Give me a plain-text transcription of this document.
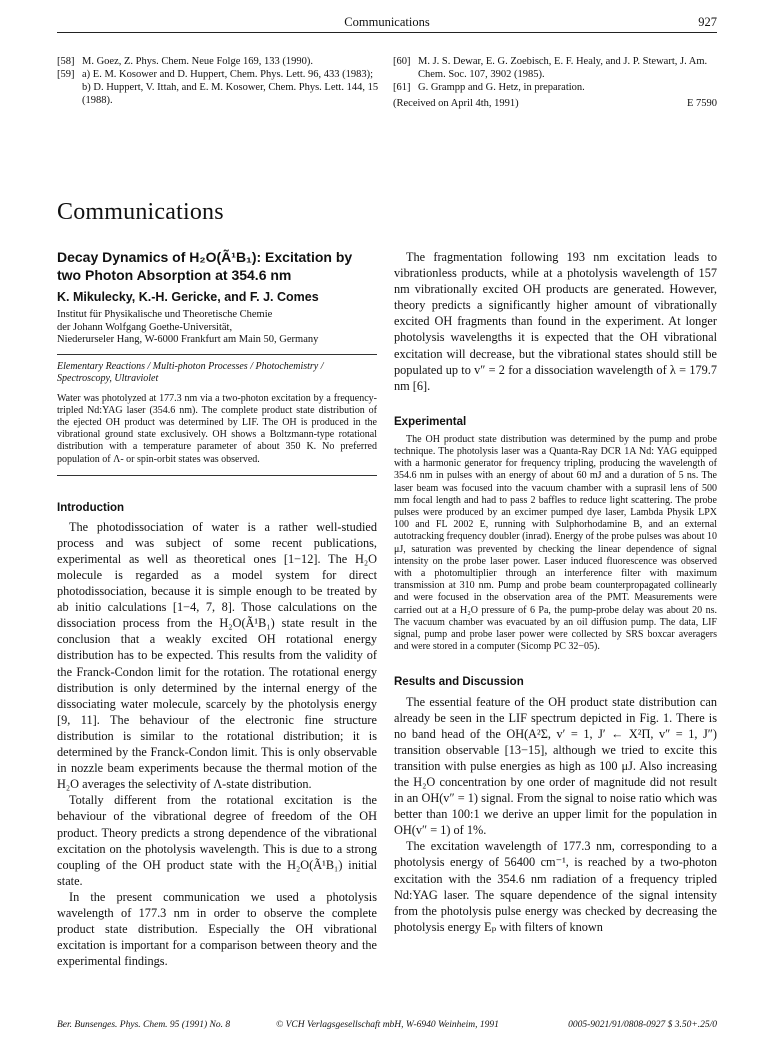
Communications	927
[58] M. Goez, Z. Phys. Chem. Neue Folge 169, 133 (1990).
[59] a) E. M. Kosower and D. Huppert, Chem. Phys. Lett. 96, 433 (1983); b) D. Huppert, V. Ittah, and E. M. Kosower, Chem. Phys. Lett. 144, 15 (1988).
[60] M. J. S. Dewar, E. G. Zoebisch, E. F. Healy, and J. P. Stewart, J. Am. Chem. Soc. 107, 3902 (1985).
[61] G. Grampp and G. Hetz, in preparation.
(Received on April 4th, 1991)	E 7590
Communications
Decay Dynamics of H₂O(Ã¹B₁): Excitation by two Photon Absorption at 354.6 nm
K. Mikulecky, K.-H. Gericke, and F. J. Comes
Institut für Physikalische und Theoretische Chemie
der Johann Wolfgang Goethe-Universität,
Niederurseler Hang, W-6000 Frankfurt am Main 50, Germany
Elementary Reactions / Multi-photon Processes / Photochemistry / Spectroscopy, Ultraviolet
Water was photolyzed at 177.3 nm via a two-photon excitation by a frequency-tripled Nd:YAG laser (354.6 nm). The complete product state distribution of the ejected OH product was determined by LIF. The OH is produced in the vibrational ground state exclusively. OH shows a Boltzmann-type rotational distribution with a temperature parameter of about 350 K. No preferred population of Λ- or spin-orbit states was observed.
Introduction

The photodissociation of water is a rather well-studied process and was subject of some recent publications, experimental as well as theoretical ones [1−12]. The H₂O molecule is regarded as a model system for direct photodissociation, because it is simple enough to be treated by ab initio calculations [1−4, 7, 8]. Those calculations on the dissociation process from the H₂O(Ã¹B₁) state result in the conclusion that a weakly excited OH rotational energy distribution has to be expected. This results from the validity of the Franck-Condon limit for the rotation. The rotational energy distribution is only determined by the internal energy of the dissociating water molecule, scarcely by the photolysis energy [9, 11]. The behaviour of the electronic fine structure distribution is similar to the rotational distribution; it is determined by the Franck-Condon limit. This is only observable in nozzle beam experiments because the thermal motion of the H₂O averages the selectivity of Λ-state distribution.

Totally different from the rotational excitation is the behaviour of the vibrational degree of freedom of the OH product. Theory predicts a strong dependence of the vibrational excitation on the photolysis wavelength. This is due to a strong coupling of the OH product state with the H₂O(Ã¹B₁) initial state.

In the present communication we used a photolysis wavelength of 177.3 nm in order to observe the complete product state distribution. Especially the OH vibrational excitation is important for a comparison between theory and the experimental findings.

The fragmentation following 193 nm excitation leads to vibrationless products, while at a photolysis wavelength of 157 nm vibrationally excited OH products are generated. However, theory predicts a significantly higher amount of vibrationally excited OH fragments than found in the experiment. At longer photolysis wavelengths it is expected that the OH vibrational excitation will decrease, but the vibrational states should still be populated up to v″ = 2 for a dissociation wavelength of λ = 179.7 nm [6].

Experimental

The OH product state distribution was determined by the pump and probe technique. The photolysis laser was a Quanta-Ray DCR 1A Nd: YAG equipped with a harmonic generator for frequency tripling, producing the wavelength of 354.6 nm in pulses with an energy of about 60 mJ and a duration of 5 ns. The laser beam was focused into the vacuum chamber with a suprasil lens of 500 mm focal length and had to pass 2 baffles to reduce light scattering. The probe pulses were produced by an excimer pumped dye laser, Lambda Physik LPX 100 and FL 2002 E, running with Sulphorhodamine B, and an external autotracking frequency doubler (inrad). Energy of the probe pulses was about 10 μJ, saturation was prevented by checking the linear dependence of signal intensity on the probe laser power. Laser induced fluorescence was observed with a photomultiplier through an interference filter with maximum transmission at 310 nm. Pump and probe beam counterpropagated collinearly and were focused in the observation area of the PMT. Measurements were carried out at a H₂O pressure of 6 Pa, the pump-probe delay was about 20 ns. The vacuum chamber was evacuated by an oil diffusion pump. The data, LIF signal, pump and probe laser power were collected by SRS boxcar averagers and were stored in a computer (Sicomp PC 32−05).

Results and Discussion

The essential feature of the OH product state distribution can already be seen in the LIF spectrum depicted in Fig. 1. There is no band head of the OH(A²Σ, v′ = 1, J′ ← X²Π, v″ = 1, J″) transition observable [13−15], although we tried to excite this transition with pulse energies as high as 100 μJ. Also increasing the H₂O concentration by one order of magnitude did not result in an OH(v″ = 1) signal. From the signal to noise ratio which was better than 100:1 we derive an upper limit for the population in OH(v″ = 1) of 1%.

The excitation wavelength of 177.3 nm, corresponding to a photolysis energy of 56400 cm⁻¹, is reached by a two-photon excitation with the 354.6 nm radiation of a frequency tripled Nd:YAG laser. The square dependence of the signal intensity from the photolysis pulse energy was checked by decreasing the photolysis energy Eₚ with filters of known

Ber. Bunsenges. Phys. Chem. 95 (1991) No. 8	© VCH Verlagsgesellschaft mbH, W-6940 Weinheim, 1991	0005-9021/91/0808-0927 $ 3.50+.25/0
